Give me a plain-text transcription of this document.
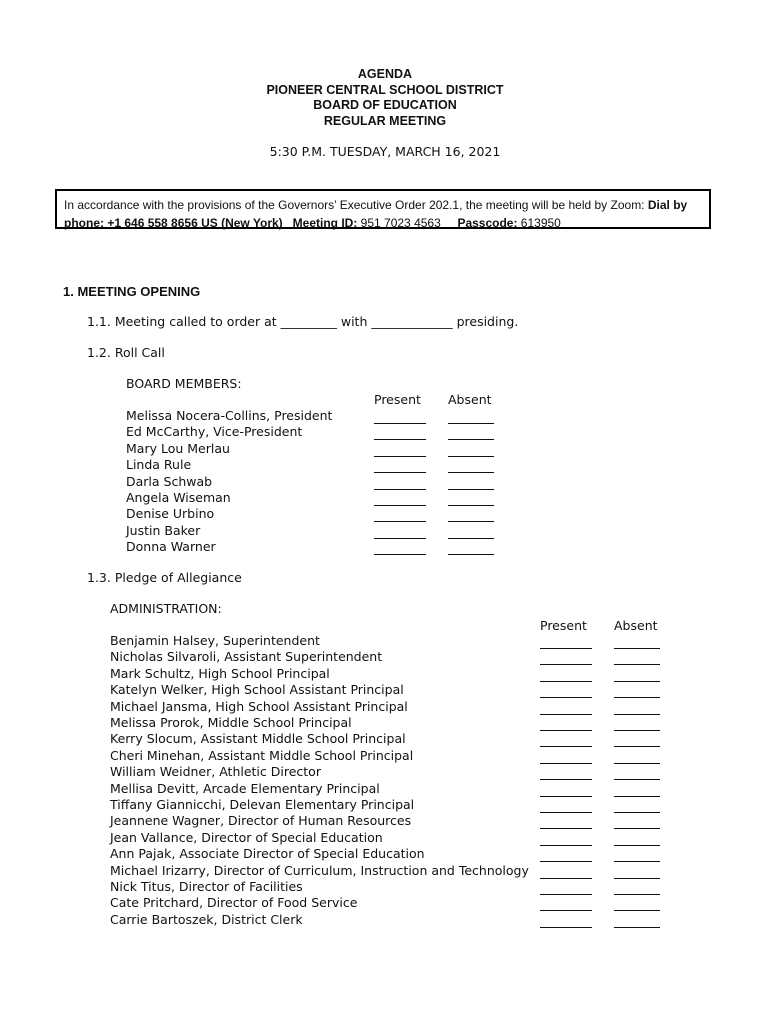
AGENDA
PIONEER CENTRAL SCHOOL DISTRICT
BOARD OF EDUCATION
REGULAR MEETING
5:30 P.M. TUESDAY, MARCH 16, 2021
In accordance with the provisions of the Governors’ Executive Order 202.1, the meeting will be held by Zoom: Dial by phone: +1 646 558 8656 US (New York) Meeting ID: 951 7023 4563 Passcode: 613950
1. MEETING OPENING
1.1. Meeting called to order at _________ with _____________ presiding.
1.2. Roll Call
BOARD MEMBERS:
Present Absent
Melissa Nocera-Collins, President
Ed McCarthy, Vice-President
Mary Lou Merlau
Linda Rule
Darla Schwab
Angela Wiseman
Denise Urbino
Justin Baker
Donna Warner
1.3. Pledge of Allegiance
ADMINISTRATION:
Present Absent
Benjamin Halsey, Superintendent
Nicholas Silvaroli, Assistant Superintendent
Mark Schultz, High School Principal
Katelyn Welker, High School Assistant Principal
Michael Jansma, High School Assistant Principal
Melissa Prorok, Middle School Principal
Kerry Slocum, Assistant Middle School Principal
Cheri Minehan, Assistant Middle School Principal
William Weidner, Athletic Director
Mellisa Devitt, Arcade Elementary Principal
Tiffany Giannicchi, Delevan Elementary Principal
Jeannene Wagner, Director of Human Resources
Jean Vallance, Director of Special Education
Ann Pajak, Associate Director of Special Education
Michael Irizarry, Director of Curriculum, Instruction and Technology
Nick Titus, Director of Facilities
Cate Pritchard, Director of Food Service
Carrie Bartoszek, District Clerk
